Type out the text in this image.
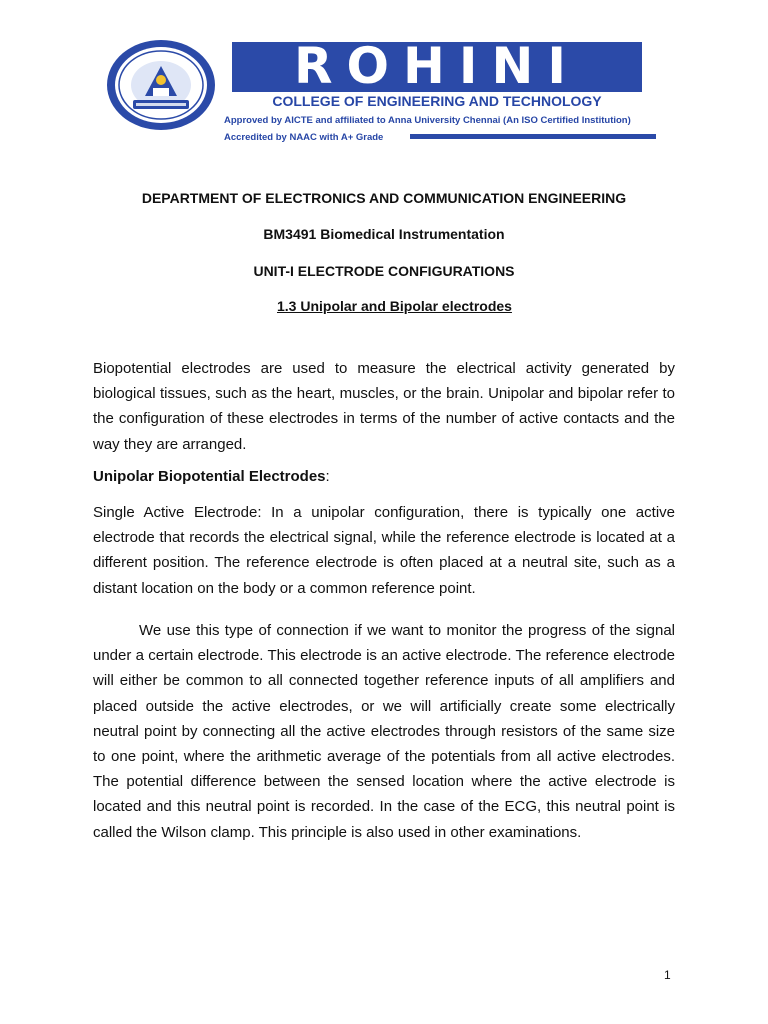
ROHINI
COLLEGE OF ENGINEERING AND TECHNOLOGY
Approved by AICTE and affiliated to Anna University Chennai (An ISO Certified Institution)
Accredited by NAAC with A+ Grade
DEPARTMENT OF ELECTRONICS AND COMMUNICATION ENGINEERING
BM3491 Biomedical Instrumentation
UNIT-I ELECTRODE CONFIGURATIONS
1.3 Unipolar and Bipolar electrodes

Biopotential electrodes are used to measure the electrical activity generated by biological tissues, such as the heart, muscles, or the brain. Unipolar and bipolar refer to the configuration of these electrodes in terms of the number of active contacts and the way they are arranged.

Unipolar Biopotential Electrodes:

Single Active Electrode: In a unipolar configuration, there is typically one active electrode that records the electrical signal, while the reference electrode is located at a different position. The reference electrode is often placed at a neutral site, such as a distant location on the body or a common reference point.

We use this type of connection if we want to monitor the progress of the signal under a certain electrode. This electrode is an active electrode. The reference electrode will either be common to all connected together reference inputs of all amplifiers and placed outside the active electrodes, or we will artificially create some electrically neutral point by connecting all the active electrodes through resistors of the same size to one point, where the arithmetic average of the potentials from all active electrodes. The potential difference between the sensed location where the active electrode is located and this neutral point is recorded. In the case of the ECG, this neutral point is called the Wilson clamp. This principle is also used in other examinations.

1
